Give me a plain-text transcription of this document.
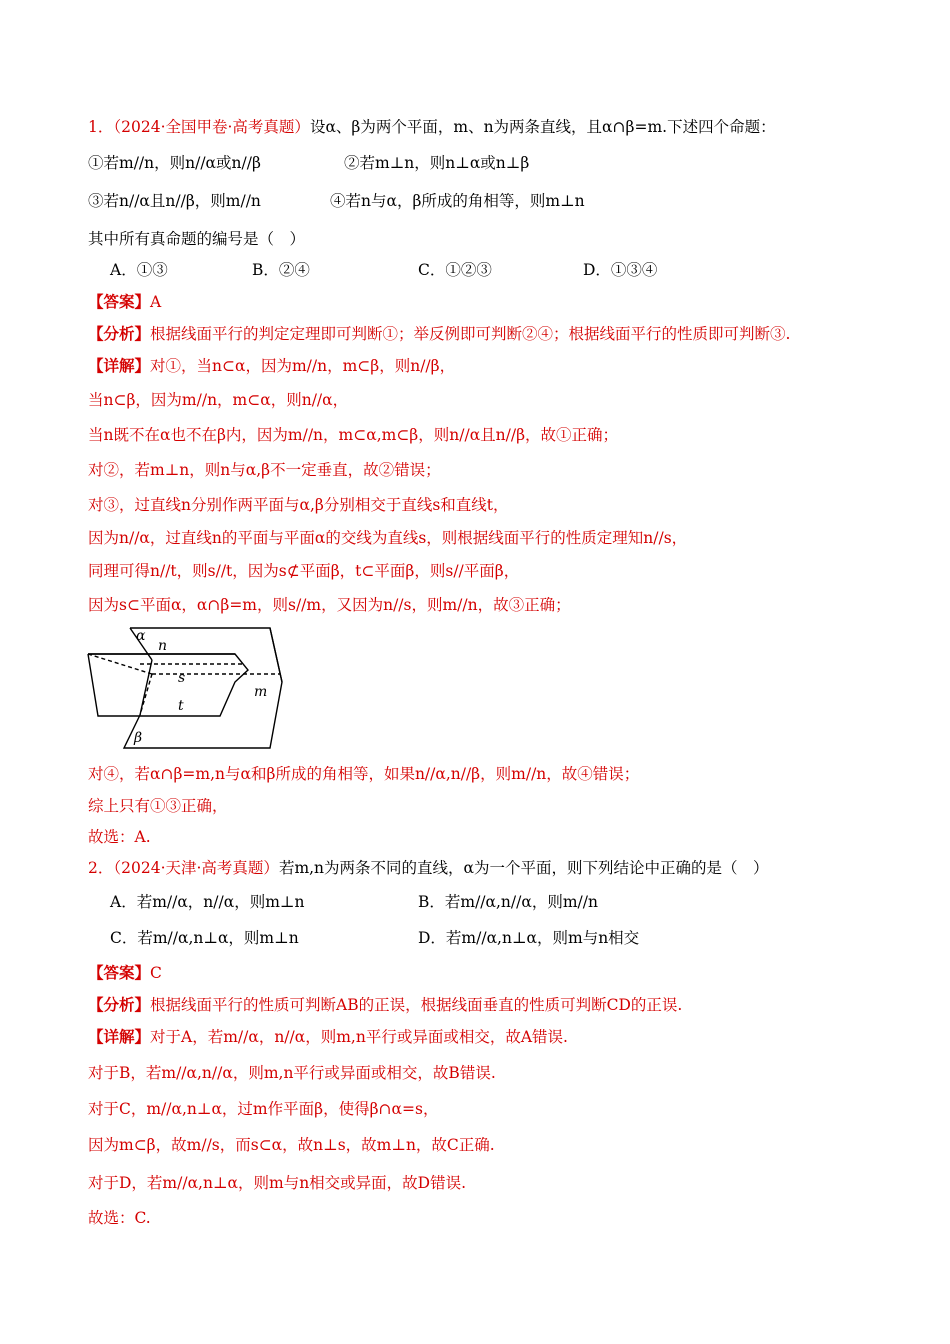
1．（2024·全国甲卷·高考真题）设α、β为两个平面，m、n为两条直线，且α∩β=m.下述四个命题：
①若m//n，则n//α或n//β	②若m⊥n，则n⊥α或n⊥β
③若n//α且n//β，则m//n	④若n与α，β所成的角相等，则m⊥n
其中所有真命题的编号是（　）
A．①③	B．②④	C．①②③	D．①③④
【答案】A
【分析】根据线面平行的判定定理即可判断①；举反例即可判断②④；根据线面平行的性质即可判断③.
【详解】对①，当n⊂α，因为m//n，m⊂β，则n//β，
当n⊂β，因为m//n，m⊂α，则n//α，
当n既不在α也不在β内，因为m//n，m⊂α,m⊂β，则n//α且n//β，故①正确；
对②，若m⊥n，则n与α,β不一定垂直，故②错误；
对③，过直线n分别作两平面与α,β分别相交于直线s和直线t，
因为n//α，过直线n的平面与平面α的交线为直线s，则根据线面平行的性质定理知n//s，
同理可得n//t，则s//t，因为s⊄平面β，t⊂平面β，则s//平面β，
因为s⊂平面α，α∩β=m，则s//m，又因为n//s，则m//n，故③正确；
α
n
s
m
t
β
对④，若α∩β=m,n与α和β所成的角相等，如果n//α,n//β，则m//n，故④错误；
综上只有①③正确，
故选：A.
2．（2024·天津·高考真题）若m,n为两条不同的直线，α为一个平面，则下列结论中正确的是（　）
A．若m//α，n//α，则m⊥n	B．若m//α,n//α，则m//n
C．若m//α,n⊥α，则m⊥n	D．若m//α,n⊥α，则m与n相交
【答案】C
【分析】根据线面平行的性质可判断AB的正误，根据线面垂直的性质可判断CD的正误.
【详解】对于A，若m//α，n//α，则m,n平行或异面或相交，故A错误.
对于B，若m//α,n//α，则m,n平行或异面或相交，故B错误.
对于C，m//α,n⊥α，过m作平面β，使得β∩α=s，
因为m⊂β，故m//s，而s⊂α，故n⊥s，故m⊥n，故C正确.
对于D，若m//α,n⊥α，则m与n相交或异面，故D错误.
故选：C.
